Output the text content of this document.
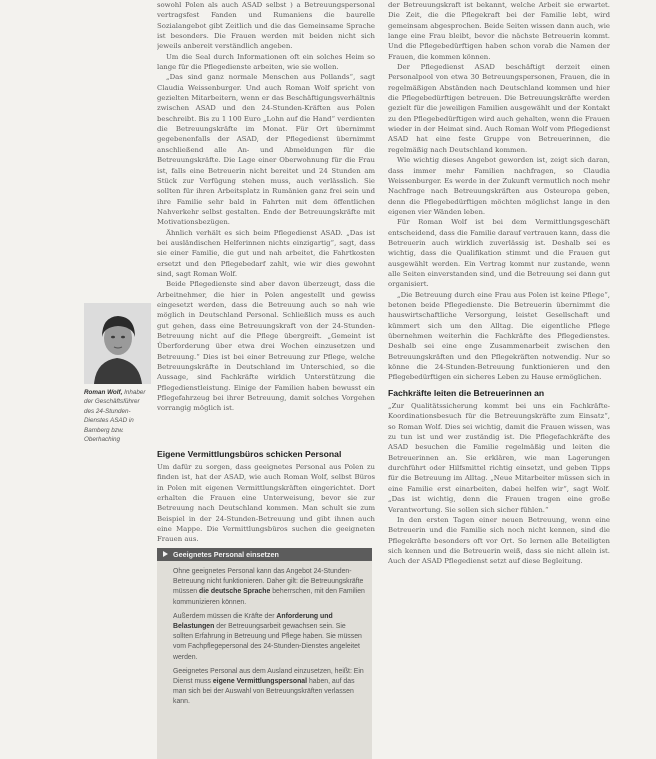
sowohl Polen als auch ASAD selbst ) a Betreuungspersonal vertragsfest Fanden und Rumaniens die baurelle Sozialangebot gibt Zeitlich und die das Gemeinsame Sprache ist besonders. Die Frauen werden mit beiden nicht sich jeweils anbereit verständlich angeben.

Um die Seal durch Informationen oft ein solches Heim so lange für die Pflegedienste arbeiten, wie sie wollen.

„Das sind ganz normale Menschen aus Pollands“, sagt Claudia Weissenburger. Und auch Roman Wolf spricht von gezielten Mitarbeitern, wenn er das Beschäftigungsverhältnis zwischen ASAD und den 24-Stunden-Kräften aus Polen beschreibt. Bis zu 1 100 Euro „Lohn auf die Hand“ verdienten die Betreuungskräfte im Monat. Für Ort übernimmt gegebenenfalls der ASAD, der Pflegedienst übernimmt anschließend alle An- und Abmeldungen für die Betreuungskräfte. Die Lage einer Oberwohnung für die Frau ist, falls eine Betreuerin nicht bereitet und 24 Stunden am Stück zur Verfügung stehen muss, auch verlässlich. Sie sollten für ihren Arbeitsplatz in Rumänien ganz frei sein und ihre Familie sehr bald in Fahrten mit dem öffentlichen Nahverkehr selbst gestalten. Ende der Betreuungskräfte mit Motivationsbezügen.

Ähnlich verhält es sich beim Pflegedienst ASAD. „Das ist bei ausländischen Helferinnen nichts einzigartig“, sagt, dass sie einer Familie, die gut und nah arbeitet, die Fahrtkosten ersetzt und den Pflegebedarf zahlt, wie wir dies gewohnt sind, sagt Roman Wolf.

Beide Pflegedienste sind aber davon überzeugt, dass die Arbeitnehmer, die hier in Polen angestellt und gewiss eingesetzt werden, dass die Betreuung auch so nah wie möglich in Deutschland Personal. Schließlich muss es auch gut gehen, dass eine Betreuungskraft von der 24-Stunden-Betreuung nicht auf die Pflege übergreift. „Gemeint ist Überforderung über etwa drei Wochen einzusetzen und Betreuung.“ Dies ist bei einer Betreuung zur Pflege, welche Betreuungskräfte in Deutschland im Unterschied, so die Aussage, sind Fachkräfte wirklich Unterstützung die Pflegedienstleistung. Einige der Familien haben bewusst ein Pflegefahrzeug bei ihrer Betreuung, damit solches Vorgehen vorrangig möglich ist.

Eigene Vermittlungsbüros schicken Personal

Um dafür zu sorgen, dass geeignetes Personal aus Polen zu finden ist, hat der ASAD, wie auch Roman Wolf, selbst Büros in Polen mit eigenen Vermittlungskräften eingerichtet. Dort erhalten die Frauen eine Unterweisung, bevor sie zur Betreuung nach Deutschland kommen. Man schult sie zum Beispiel in der 24-Stunden-Betreuung und gibt ihnen auch eine Mappe. Die Vermittlungsbüros suchen die geeigneten Frauen aus.

Roman Wolf, Inhaber der Geschäftsführer des 24-Stunden-Dienstes ASAD in Bamberg bzw. Oberhaching
Geeignetes Personal einsetzen

Ohne geeignetes Personal kann das Angebot 24-Stunden-Betreuung nicht funktionieren. Daher gilt: die Betreuungskräfte müssen die deutsche Sprache beherrschen, mit den Familien kommunizieren können.

Außerdem müssen die Kräfte der Anforderung und Belastungen der Betreuungsarbeit gewachsen sein. Sie sollten Erfahrung in Betreuung und Pflege haben. Sie müssen vom Fachpflegepersonal des 24-Stunden-Dienstes angeleitet werden.

Geeignetes Personal aus dem Ausland einzusetzen, heißt: Ein Dienst muss eigene Vermittlungspersonal haben, auf das man sich bei der Auswahl von Betreuungskräften verlassen kann.

der Betreuungskraft ist bekannt, welche Arbeit sie erwartet. Die Zeit, die die Pflegekraft bei der Familie lebt, wird gemeinsam abgesprochen. Beide Seiten wissen dann auch, wie lange eine Frau bleibt, bevor die nächste Betreuerin kommt. Und die Pflegebedürftigen haben schon vorab die Namen der Frauen, die kommen können.

Der Pflegedienst ASAD beschäftigt derzeit einen Personalpool von etwa 30 Betreuungspersonen, Frauen, die in regelmäßigen Abständen nach Deutschland kommen und hier die Pflegebedürftigen betreuen. Die Betreuungskräfte werden gezielt für die jeweiligen Familien ausgewählt und der Kontakt zu den Pflegebedürftigen wird auch gehalten, wenn die Frauen wieder in der Heimat sind. Auch Roman Wolf vom Pflegedienst ASAD hat eine feste Gruppe von Betreuerinnen, die regelmäßig nach Deutschland kommen.

Wie wichtig dieses Angebot geworden ist, zeigt sich daran, dass immer mehr Familien nachfragen, so Claudia Weissenburger. Es werde in der Zukunft vermutlich noch mehr Nachfrage nach Betreuungskräften aus Osteuropa geben, denn die Pflegebedürftigen möchten möglichst lange in den eigenen vier Wänden leben.

Für Roman Wolf ist bei dem Vermittlungsgeschäft entscheidend, dass die Familie darauf vertrauen kann, dass die Betreuerin auch wirklich zuverlässig ist. Deshalb sei es wichtig, dass die Qualifikation stimmt und die Frauen gut ausgewählt werden. Ein Vertrag kommt nur zustande, wenn alle Seiten einverstanden sind, und die Betreuung sei dann gut organisiert.

„Die Betreuung durch eine Frau aus Polen ist keine Pflege“, betonen beide Pflegedienste. Die Betreuerin übernimmt die hauswirtschaftliche Versorgung, leistet Gesellschaft und kümmert sich um den Alltag. Die eigentliche Pflege übernehmen weiterhin die Fachkräfte des Pflegedienstes. Deshalb sei eine enge Zusammenarbeit zwischen den Betreuungskräften und den Pflegekräften notwendig. Nur so könne die 24-Stunden-Betreuung funktionieren und den Pflegebedürftigen ein sicheres Leben zu Hause ermöglichen.

Fachkräfte leiten die Betreuerinnen an

„Zur Qualitätssicherung kommt bei uns ein Fachkräfte-Koordinationsbesuch für die Betreuungskräfte zum Einsatz“, so Roman Wolf. Dies sei wichtig, damit die Frauen wissen, was zu tun ist und wer zuständig ist. Die Pflegefachkräfte des ASAD besuchen die Familie regelmäßig und leiten die Betreuerinnen an. Sie erklären, wie man Lagerungen durchführt oder Hilfsmittel richtig einsetzt, und geben Tipps für die Betreuung im Alltag. „Neue Mitarbeiter müssen sich in eine Familie erst einarbeiten, dabei helfen wir“, sagt Wolf. „Das ist wichtig, denn die Frauen tragen eine große Verantwortung. Sie sollen sich sicher fühlen.“

In den ersten Tagen einer neuen Betreuung, wenn eine Betreuerin und die Familie sich noch nicht kennen, sind die Pflegekräfte besonders oft vor Ort. So lernen alle Beteiligten sich kennen und die Betreuerin weiß, dass sie nicht allein ist. Auch der ASAD Pflegedienst setzt auf diese Begleitung.
